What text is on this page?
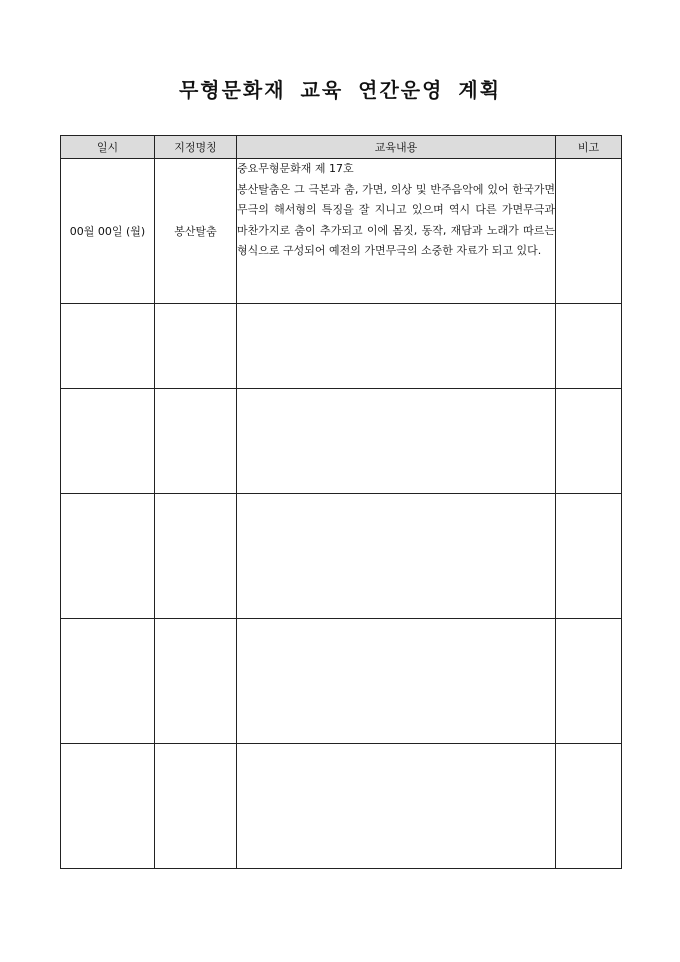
무형문화재 교육 연간운영 계획
일시	지정명칭	교육내용	비고
00월 00일 (월)	봉산탈춤	중요무형문화재 제 17호
봉산탈춤은 그 극본과 춤, 가면, 의상 및 반주음악에 있어 한국가면무극의 해서형의 특징을 잘 지니고 있으며 역시 다른 가면무극과 마찬가지로 춤이 추가되고 이에 몸짓, 동작, 재담과 노래가 따르는 형식으로 구성되어 예전의 가면무극의 소중한 자료가 되고 있다.	
